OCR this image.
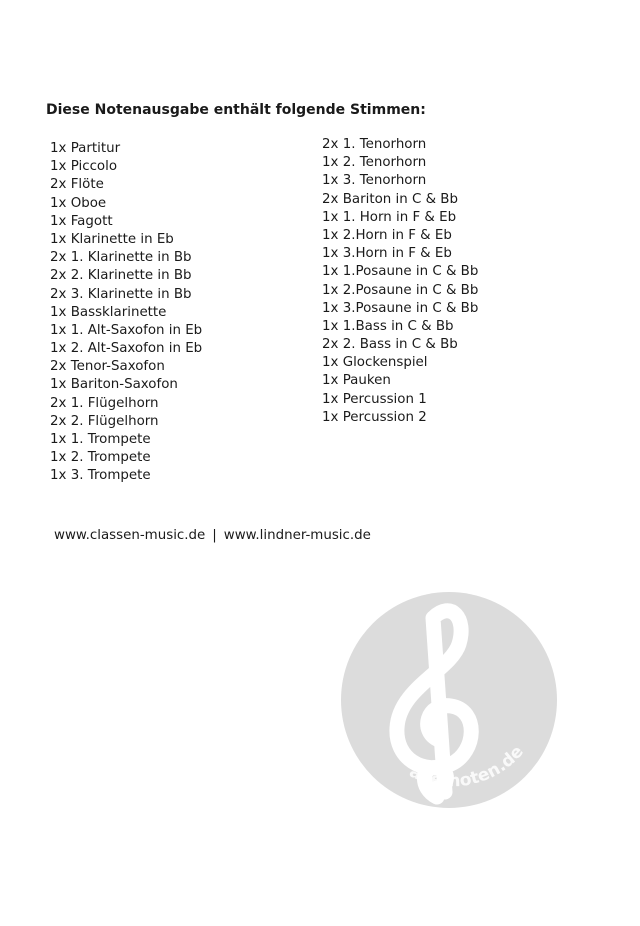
Diese Notenausgabe enthält folgende Stimmen:
1x Partitur
1x Piccolo
2x Flöte
1x Oboe
1x Fagott
1x Klarinette in Eb
2x 1. Klarinette in Bb
2x 2. Klarinette in Bb
2x 3. Klarinette in Bb
1x Bassklarinette
1x 1. Alt-Saxofon in Eb
1x 2. Alt-Saxofon in Eb
2x Tenor-Saxofon
1x Bariton-Saxofon
2x 1. Flügelhorn
2x 2. Flügelhorn
1x 1. Trompete
1x 2. Trompete
1x 3. Trompete
2x 1. Tenorhorn
1x 2. Tenorhorn
1x 3. Tenorhorn
2x Bariton in C & Bb
1x 1. Horn in F & Eb
1x 2.Horn in F & Eb
1x 3.Horn in F & Eb
1x 1.Posaune in C & Bb
1x 2.Posaune in C & Bb
1x 3.Posaune in C & Bb
1x 1.Bass in C & Bb
2x 2. Bass in C & Bb
1x Glockenspiel
1x Pauken
1x Percussion 1
1x Percussion 2
www.classen-music.de | www.lindner-music.de
alle-noten.de
